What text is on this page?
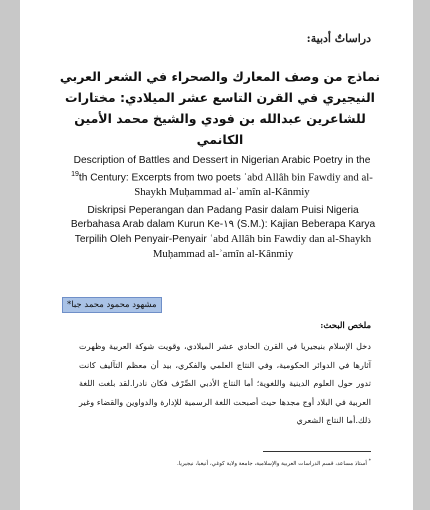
دراساتٌ أدبية:
نماذج من وصف المعارك والصحراء في الشعر العربي النيجيري في القرن التاسع عشر الميلادي: مختارات للشاعرين عبدالله بن فودي والشيخ محمد الأمين الكانمي
Description of Battles and Dessert in Nigerian Arabic Poetry in the
$^{19}$th Century: Excerpts from two poets ʿabd Allâh bin Fawdiy and al-
Shaykh Muḥammad al-ʾamîn al-Kânmiy
Diskripsi Peperangan dan Padang Pasir dalam Puisi Nigeria
Berbahasa Arab dalam Kurun Ke-١٩ (S.M.): Kajian Beberapa Karya
Terpilih Oleh Penyair-Penyair ʿabd Allâh bin Fawdiy dan al-Shaykh
Muḥammad al-ʾamîn al-Kânmiy
مشهود محمود محمد جبا*
ملخص البحث:
دخل الإسلام بنيجيريا في القرن الحادي عشر الميلادي، وقويت شوكة العربية وظهرت آثارها في الدوائر الحكومية، وفي النتاج العلمي والفكري، بيد أن معظم التآليف كانت تدور حول العلوم الدينية واللغوية؛ أما النتاج الأدبي الصِّرْف فكان نادرا.لقد بلغت اللغة العربية في البلاد أوج مجدها حيث أصبحت اللغة الرسمية للإدارة والدواوين والقضاء وغير ذلك.أما النتاج الشعري
* أستاذ مساعد، قسم الدراسات العربية والإسلامية، جامعة ولاية كوغي، أنيغبا، نيجيريا.
